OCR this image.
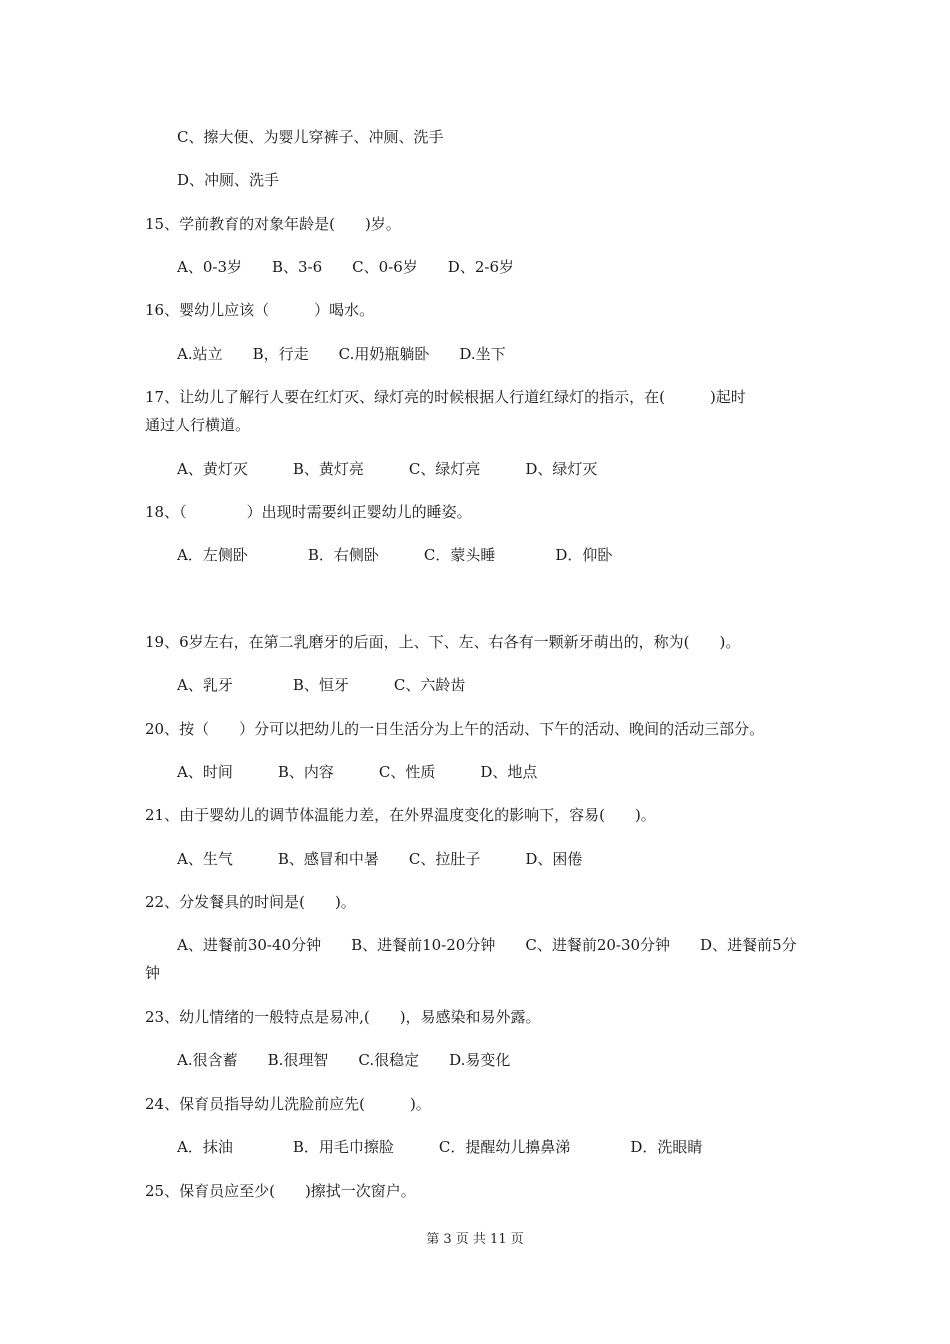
C、擦大便、为婴儿穿裤子、冲厕、洗手
D、冲厕、洗手
15、学前教育的对象年龄是(　　)岁。
A、0-3岁　　B、3-6　　C、0-6岁　　D、2-6岁
16、婴幼儿应该（　　　）喝水。
A.站立　　B，行走　　C.用奶瓶躺卧　　D.坐下
17、让幼儿了解行人要在红灯灭、绿灯亮的时候根据人行道红绿灯的指示，在(　　　)起时
通过人行横道。
A、黄灯灭　　　B、黄灯亮　　　C、绿灯亮　　　D、绿灯灭
18、（　　　　）出现时需要纠正婴幼儿的睡姿。
A．左侧卧　　　　B．右侧卧　　　C．蒙头睡　　　　D．仰卧
19、6岁左右，在第二乳磨牙的后面，上、下、左、右各有一颗新牙萌出的，称为(　　)。
A、乳牙　　　　B、恒牙　　　C、六龄齿
20、按（　　）分可以把幼儿的一日生活分为上午的活动、下午的活动、晚间的活动三部分。
A、时间　　　B、内容　　　C、性质　　　D、地点
21、由于婴幼儿的调节体温能力差，在外界温度变化的影响下，容易(　　)。
A、生气　　　B、感冒和中暑　　C、拉肚子　　　D、困倦
22、分发餐具的时间是(　　)。
A、进餐前30-40分钟　　B、进餐前10-20分钟　　C、进餐前20-30分钟　　D、进餐前5分
钟
23、幼儿情绪的一般特点是易冲,(　　)，易感染和易外露。
A.很含蓄　　B.很理智　　C.很稳定　　D.易变化
24、保育员指导幼儿洗脸前应先(　　　)。
A．抹油　　　　B．用毛巾擦脸　　　C．提醒幼儿擤鼻涕　　　　D．洗眼睛
25、保育员应至少(　　)擦拭一次窗户。
第 3 页 共 11 页
